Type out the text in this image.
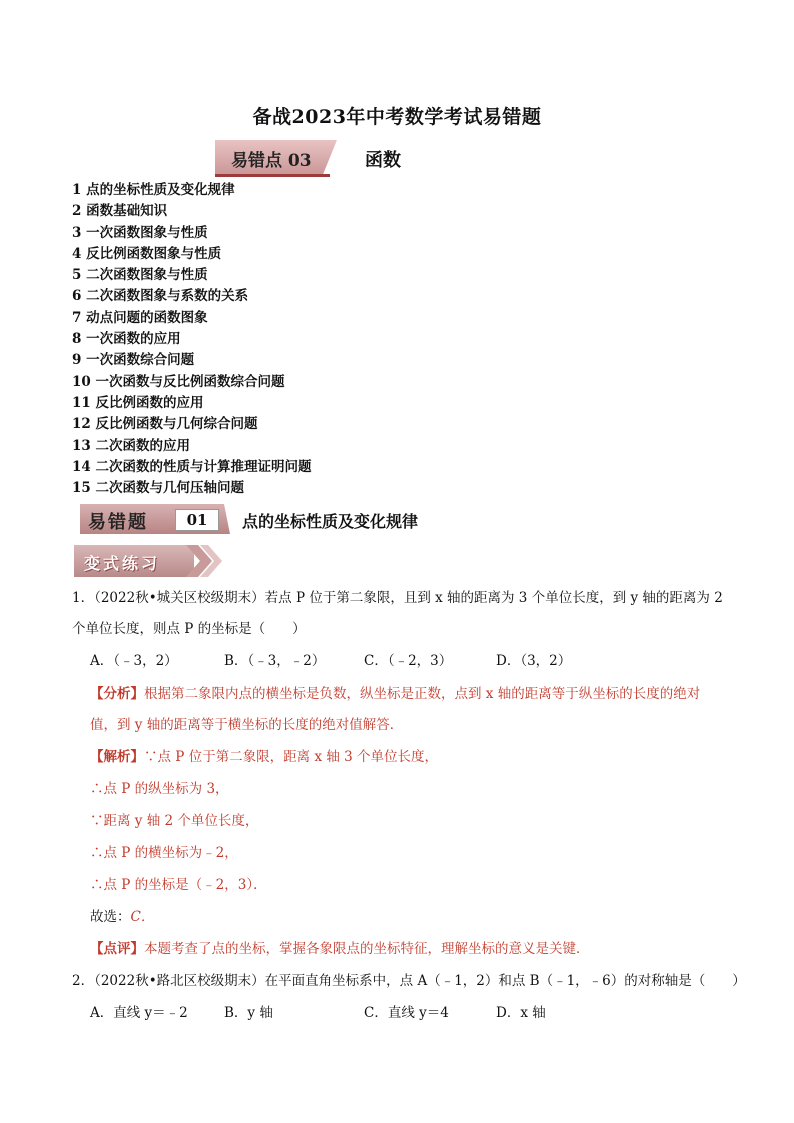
备战2023年中考数学考试易错题
易错点 03	函数
1 点的坐标性质及变化规律
2 函数基础知识
3 一次函数图象与性质
4 反比例函数图象与性质
5 二次函数图象与性质
6 二次函数图象与系数的关系
7 动点问题的函数图象
8 一次函数的应用
9 一次函数综合问题
10 一次函数与反比例函数综合问题
11 反比例函数的应用
12 反比例函数与几何综合问题
13 二次函数的应用
14 二次函数的性质与计算推理证明问题
15 二次函数与几何压轴问题
易错题	01	点的坐标性质及变化规律
变式练习
1．（2022秋•城关区校级期末）若点 P 位于第二象限，且到 x 轴的距离为 3 个单位长度，到 y 轴的距离为 2
个单位长度，则点 P 的坐标是（　　）
A．（﹣3，2）	B．（﹣3，﹣2）	C．（﹣2，3）	D．（3，2）
【分析】根据第二象限内点的横坐标是负数，纵坐标是正数，点到 x 轴的距离等于纵坐标的长度的绝对
值，到 y 轴的距离等于横坐标的长度的绝对值解答．
【解析】∵点 P 位于第二象限，距离 x 轴 3 个单位长度，
∴点 P 的纵坐标为 3，
∵距离 y 轴 2 个单位长度，
∴点 P 的横坐标为﹣2，
∴点 P 的坐标是（﹣2，3）．
故选：C．
【点评】本题考查了点的坐标，掌握各象限点的坐标特征，理解坐标的意义是关键．
2．（2022秋•路北区校级期末）在平面直角坐标系中，点 A（﹣1，2）和点 B（﹣1，﹣6）的对称轴是（　　）
A．直线 y＝﹣2	B．y 轴	C．直线 y＝4	D．x 轴
